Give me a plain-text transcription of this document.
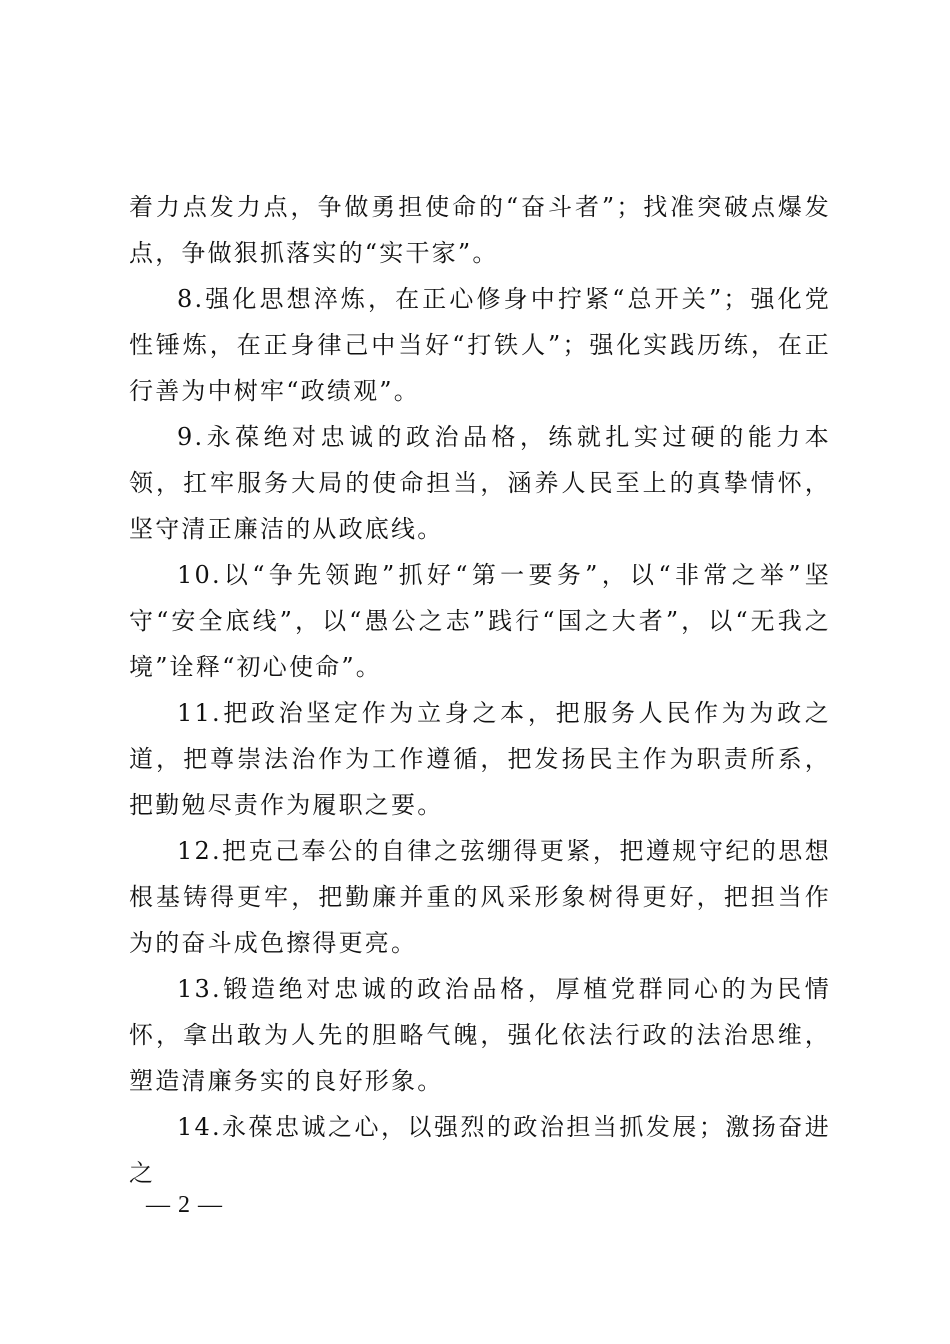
着力点发力点，争做勇担使命的“奋斗者”；找准突破点爆发点，争做狠抓落实的“实干家”。

8.强化思想淬炼，在正心修身中拧紧“总开关”；强化党性锤炼，在正身律己中当好“打铁人”；强化实践历练，在正行善为中树牢“政绩观”。

9.永葆绝对忠诚的政治品格，练就扎实过硬的能力本领，扛牢服务大局的使命担当，涵养人民至上的真挚情怀，坚守清正廉洁的从政底线。

10.以“争先领跑”抓好“第一要务”，以“非常之举”坚守“安全底线”，以“愚公之志”践行“国之大者”，以“无我之境”诠释“初心使命”。

11.把政治坚定作为立身之本，把服务人民作为为政之道，把尊崇法治作为工作遵循，把发扬民主作为职责所系，把勤勉尽责作为履职之要。

12.把克己奉公的自律之弦绷得更紧，把遵规守纪的思想根基铸得更牢，把勤廉并重的风采形象树得更好，把担当作为的奋斗成色擦得更亮。

13.锻造绝对忠诚的政治品格，厚植党群同心的为民情怀，拿出敢为人先的胆略气魄，强化依法行政的法治思维，塑造清廉务实的良好形象。

14.永葆忠诚之心，以强烈的政治担当抓发展；激扬奋进之

— 2 —
